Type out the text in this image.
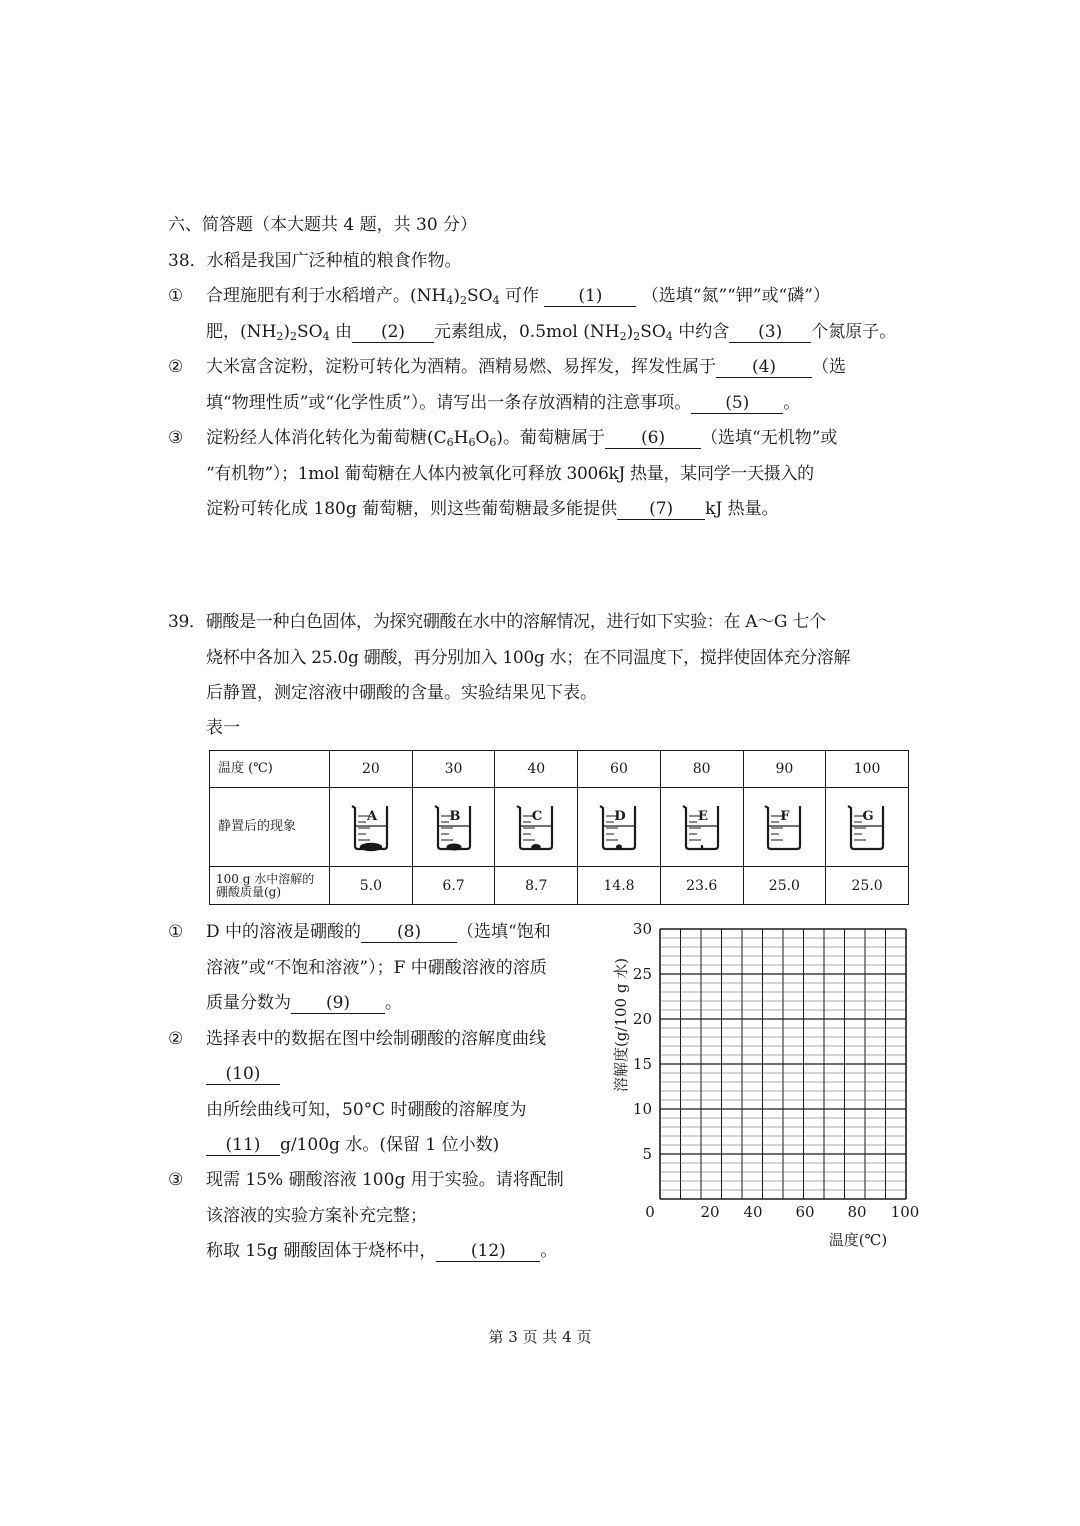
六、简答题（本大题共 4 题，共 30 分）
38．水稻是我国广泛种植的粮食作物。
① 合理施肥有利于水稻增产。$(NH_4)_2SO_4$ 可作 (1) （选填“氮”“钾”或“磷”）
肥，$(NH_2)_2SO_4$ 由 (2) 元素组成，0.5mol $(NH_2)_2SO_4$ 中约含 (3) 个氮原子。
② 大米富含淀粉，淀粉可转化为酒精。酒精易燃、易挥发，挥发性属于 (4) （选
填“物理性质”或“化学性质”）。请写出一条存放酒精的注意事项。 (5) 。
③ 淀粉经人体消化转化为葡萄糖$(C_6H_6O_6)$。葡萄糖属于 (6) （选填“无机物”或
“有机物”）；1mol 葡萄糖在人体内被氧化可释放 3006kJ 热量，某同学一天摄入的
淀粉可转化成 180g 葡萄糖，则这些葡萄糖最多能提供 (7) kJ 热量。
39．硼酸是一种白色固体，为探究硼酸在水中的溶解情况，进行如下实验：在 A～G 七个
烧杯中各加入 25.0g 硼酸，再分别加入 100g 水；在不同温度下，搅拌使固体充分溶解
后静置，测定溶液中硼酸的含量。实验结果见下表。
表一
温度 (℃)	20	30	40	60	80	90	100
静置后的现象	A	B	C	D	E	F	G

100 g 水中溶解的
硼酸质量(g)	5.0	6.7	8.7	14.8	23.6	25.0	25.0
① D 中的溶液是硼酸的 (8) （选填“饱和
溶液”或“不饱和溶液”）；F 中硼酸溶液的溶质
质量分数为 (9) 。
② 选择表中的数据在图中绘制硼酸的溶解度曲线
(10)
由所绘曲线可知，50°C 时硼酸的溶解度为
(11) g/100g 水。(保留 1 位小数)
③ 现需 15% 硼酸溶液 100g 用于实验。请将配制
该溶液的实验方案补充完整；
称取 15g 硼酸固体于烧杯中， (12) 。
30
25
20
15
10
5
0	20 40 60 80 100
溶解度(g/100 g 水)
温度(℃)
第 3 页 共 4 页
